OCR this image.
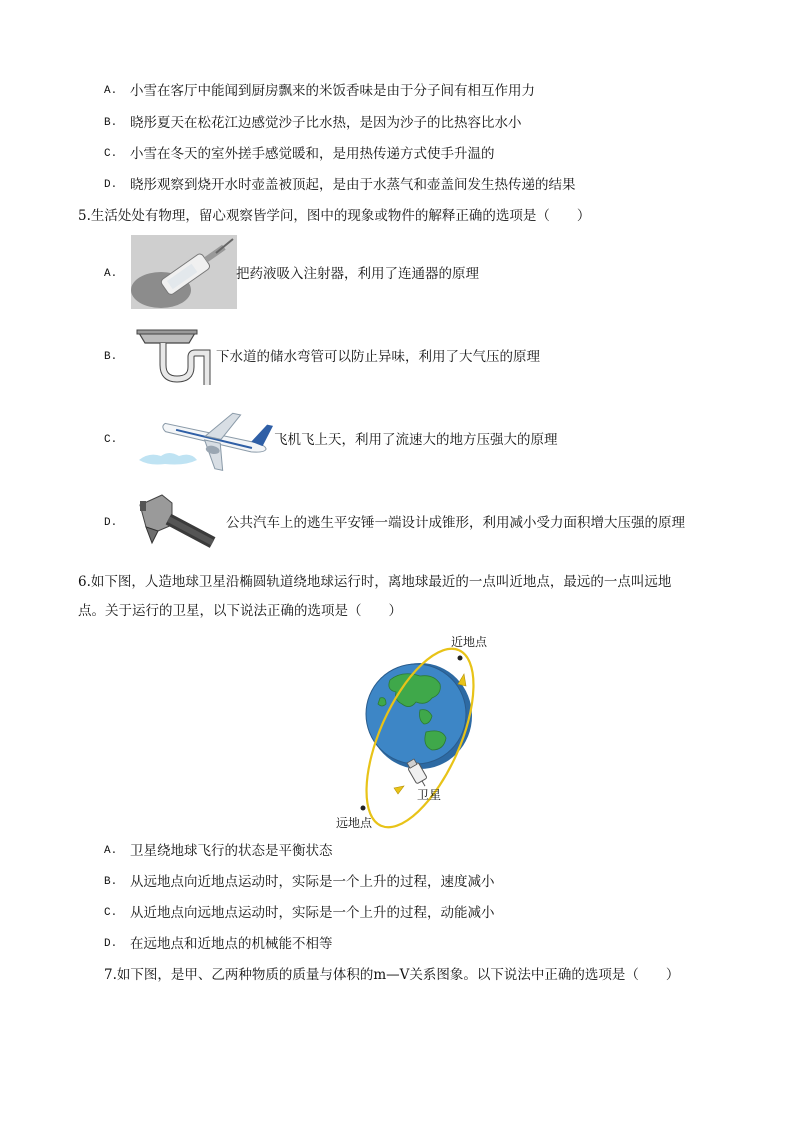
A. 小雪在客厅中能闻到厨房飘来的米饭香味是由于分子间有相互作用力
B. 晓彤夏天在松花江边感觉沙子比水热，是因为沙子的比热容比水小
C. 小雪在冬天的室外搓手感觉暖和，是用热传递方式使手升温的
D. 晓彤观察到烧开水时壶盖被顶起，是由于水蒸气和壶盖间发生热传递的结果
5.生活处处有物理，留心观察皆学问，图中的现象或物件的解释正确的选项是（　　）
A.	把药液吸入注射器，利用了连通器的原理
B.	下水道的储水弯管可以防止异味，利用了大气压的原理
C.	飞机飞上天，利用了流速大的地方压强大的原理
D.	公共汽车上的逃生平安锤一端设计成锥形，利用减小受力面积增大压强的原理
6.如下图，人造地球卫星沿椭圆轨道绕地球运行时，离地球最近的一点叫近地点，最远的一点叫远地
点。关于运行的卫星，以下说法正确的选项是（　　）
近地点
卫星
远地点
A. 卫星绕地球飞行的状态是平衡状态
B. 从远地点向近地点运动时，实际是一个上升的过程，速度减小
C. 从近地点向远地点运动时，实际是一个上升的过程，动能减小
D. 在远地点和近地点的机械能不相等
7.如下图，是甲、乙两种物质的质量与体积的m—V关系图象。以下说法中正确的选项是（　　）
